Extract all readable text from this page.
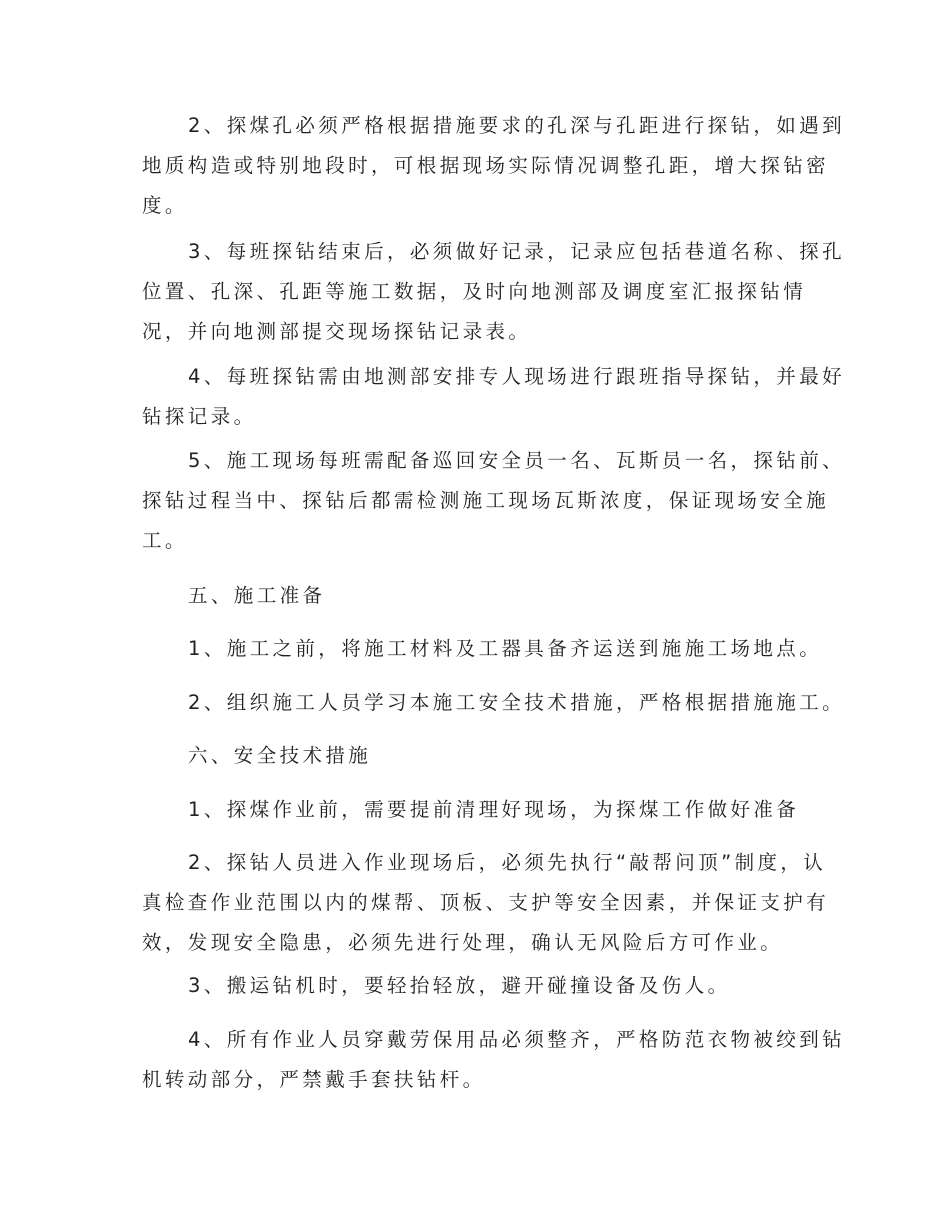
2、探煤孔必须严格根据措施要求的孔深与孔距进行探钻，如遇到
地质构造或特别地段时，可根据现场实际情况调整孔距，增大探钻密
度。
3、每班探钻结束后，必须做好记录，记录应包括巷道名称、探孔
位置、孔深、孔距等施工数据，及时向地测部及调度室汇报探钻情
况，并向地测部提交现场探钻记录表。
4、每班探钻需由地测部安排专人现场进行跟班指导探钻，并最好
钻探记录。
5、施工现场每班需配备巡回安全员一名、瓦斯员一名，探钻前、
探钻过程当中、探钻后都需检测施工现场瓦斯浓度，保证现场安全施
工。
五、施工准备
1、施工之前，将施工材料及工器具备齐运送到施施工场地点。
2、组织施工人员学习本施工安全技术措施，严格根据措施施工。
六、安全技术措施
1、探煤作业前，需要提前清理好现场，为探煤工作做好准备
2、探钻人员进入作业现场后，必须先执行“敲帮问顶”制度，认
真检查作业范围以内的煤帮、顶板、支护等安全因素，并保证支护有
效，发现安全隐患，必须先进行处理，确认无风险后方可作业。
3、搬运钻机时，要轻抬轻放，避开碰撞设备及伤人。
4、所有作业人员穿戴劳保用品必须整齐，严格防范衣物被绞到钻
机转动部分，严禁戴手套扶钻杆。
